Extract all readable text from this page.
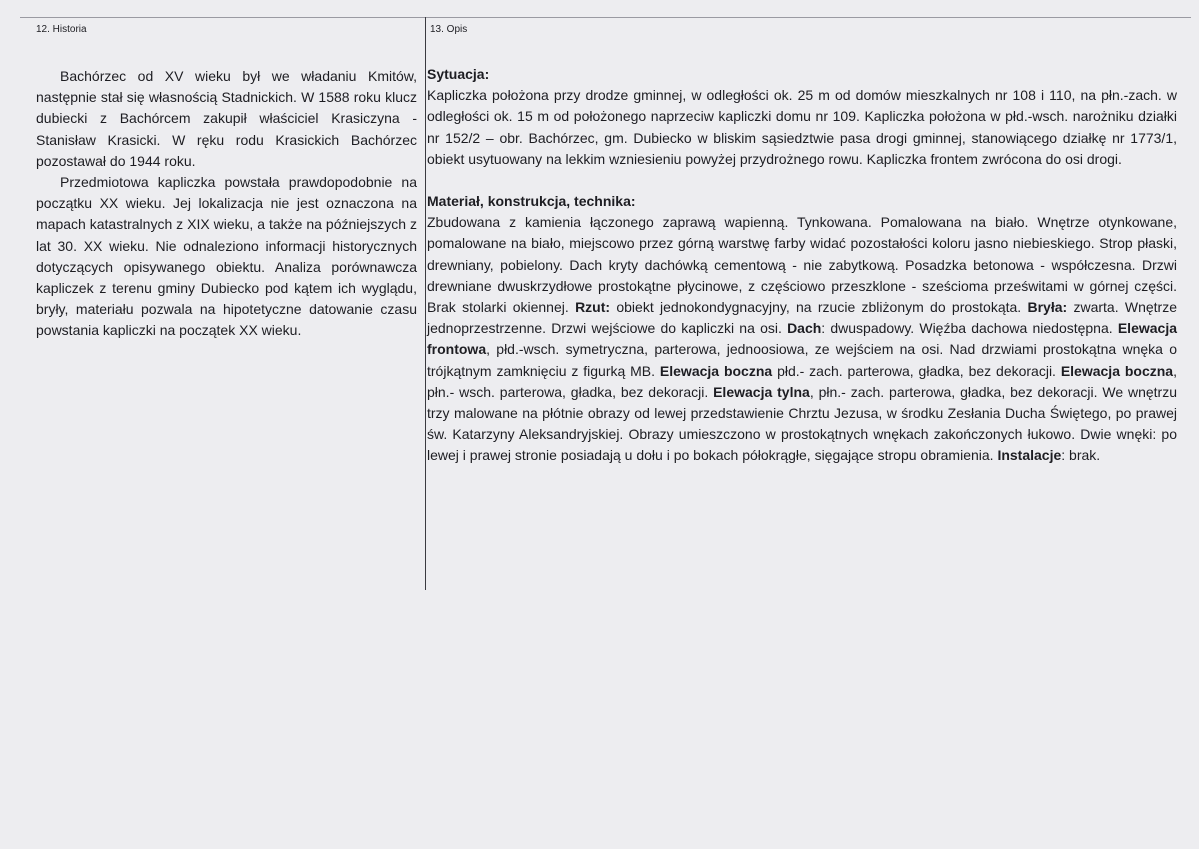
12. Historia	13. Opis

Bachórzec od XV wieku był we władaniu Kmitów, następnie stał się własnością Stadnickich. W 1588 roku klucz dubiecki z Bachórcem zakupił właściciel Krasiczyna - Stanisław Krasicki. W ręku rodu Krasickich Bachórzec pozostawał do 1944 roku.

Przedmiotowa kapliczka powstała prawdopodobnie na początku XX wieku. Jej lokalizacja nie jest oznaczona na mapach katastralnych z XIX wieku, a także na późniejszych z lat 30. XX wieku. Nie odnaleziono informacji historycznych dotyczących opisywanego obiektu. Analiza porównawcza kapliczek z terenu gminy Dubiecko pod kątem ich wyglądu, bryły, materiału pozwala na hipotetyczne datowanie czasu powstania kapliczki na początek XX wieku.

Sytuacja:

Kapliczka położona przy drodze gminnej, w odległości ok. 25 m od domów mieszkalnych nr 108 i 110, na płn.-zach. w odległości ok. 15 m od położonego naprzeciw kapliczki domu nr 109. Kapliczka położona w płd.-wsch. narożniku działki nr 152/2 – obr. Bachórzec, gm. Dubiecko w bliskim sąsiedztwie pasa drogi gminnej, stanowiącego działkę nr 1773/1, obiekt usytuowany na lekkim wzniesieniu powyżej przydrożnego rowu. Kapliczka frontem zwrócona do osi drogi.

Materiał, konstrukcja, technika:

Zbudowana z kamienia łączonego zaprawą wapienną. Tynkowana. Pomalowana na biało. Wnętrze otynkowane, pomalowane na biało, miejscowo przez górną warstwę farby widać pozostałości koloru jasno niebieskiego. Strop płaski, drewniany, pobielony. Dach kryty dachówką cementową - nie zabytkową. Posadzka betonowa - współczesna. Drzwi drewniane dwuskrzydłowe prostokątne płycinowe, z częściowo przeszklone - sześcioma prześwitami w górnej części. Brak stolarki okiennej. Rzut: obiekt jednokondygnacyjny, na rzucie zbliżonym do prostokąta. Bryła: zwarta. Wnętrze jednoprzestrzenne. Drzwi wejściowe do kapliczki na osi. Dach: dwuspadowy. Więźba dachowa niedostępna. Elewacja frontowa, płd.-wsch. symetryczna, parterowa, jednoosiowa, ze wejściem na osi. Nad drzwiami prostokątna wnęka o trójkątnym zamknięciu z figurką MB. Elewacja boczna płd.- zach. parterowa, gładka, bez dekoracji. Elewacja boczna, płn.- wsch. parterowa, gładka, bez dekoracji. Elewacja tylna, płn.- zach. parterowa, gładka, bez dekoracji. We wnętrzu trzy malowane na płótnie obrazy od lewej przedstawienie Chrztu Jezusa, w środku Zesłania Ducha Świętego, po prawej św. Katarzyny Aleksandryjskiej. Obrazy umieszczono w prostokątnych wnękach zakończonych łukowo. Dwie wnęki: po lewej i prawej stronie posiadają u dołu i po bokach półokrągłe, sięgające stropu obramienia. Instalacje: brak.
